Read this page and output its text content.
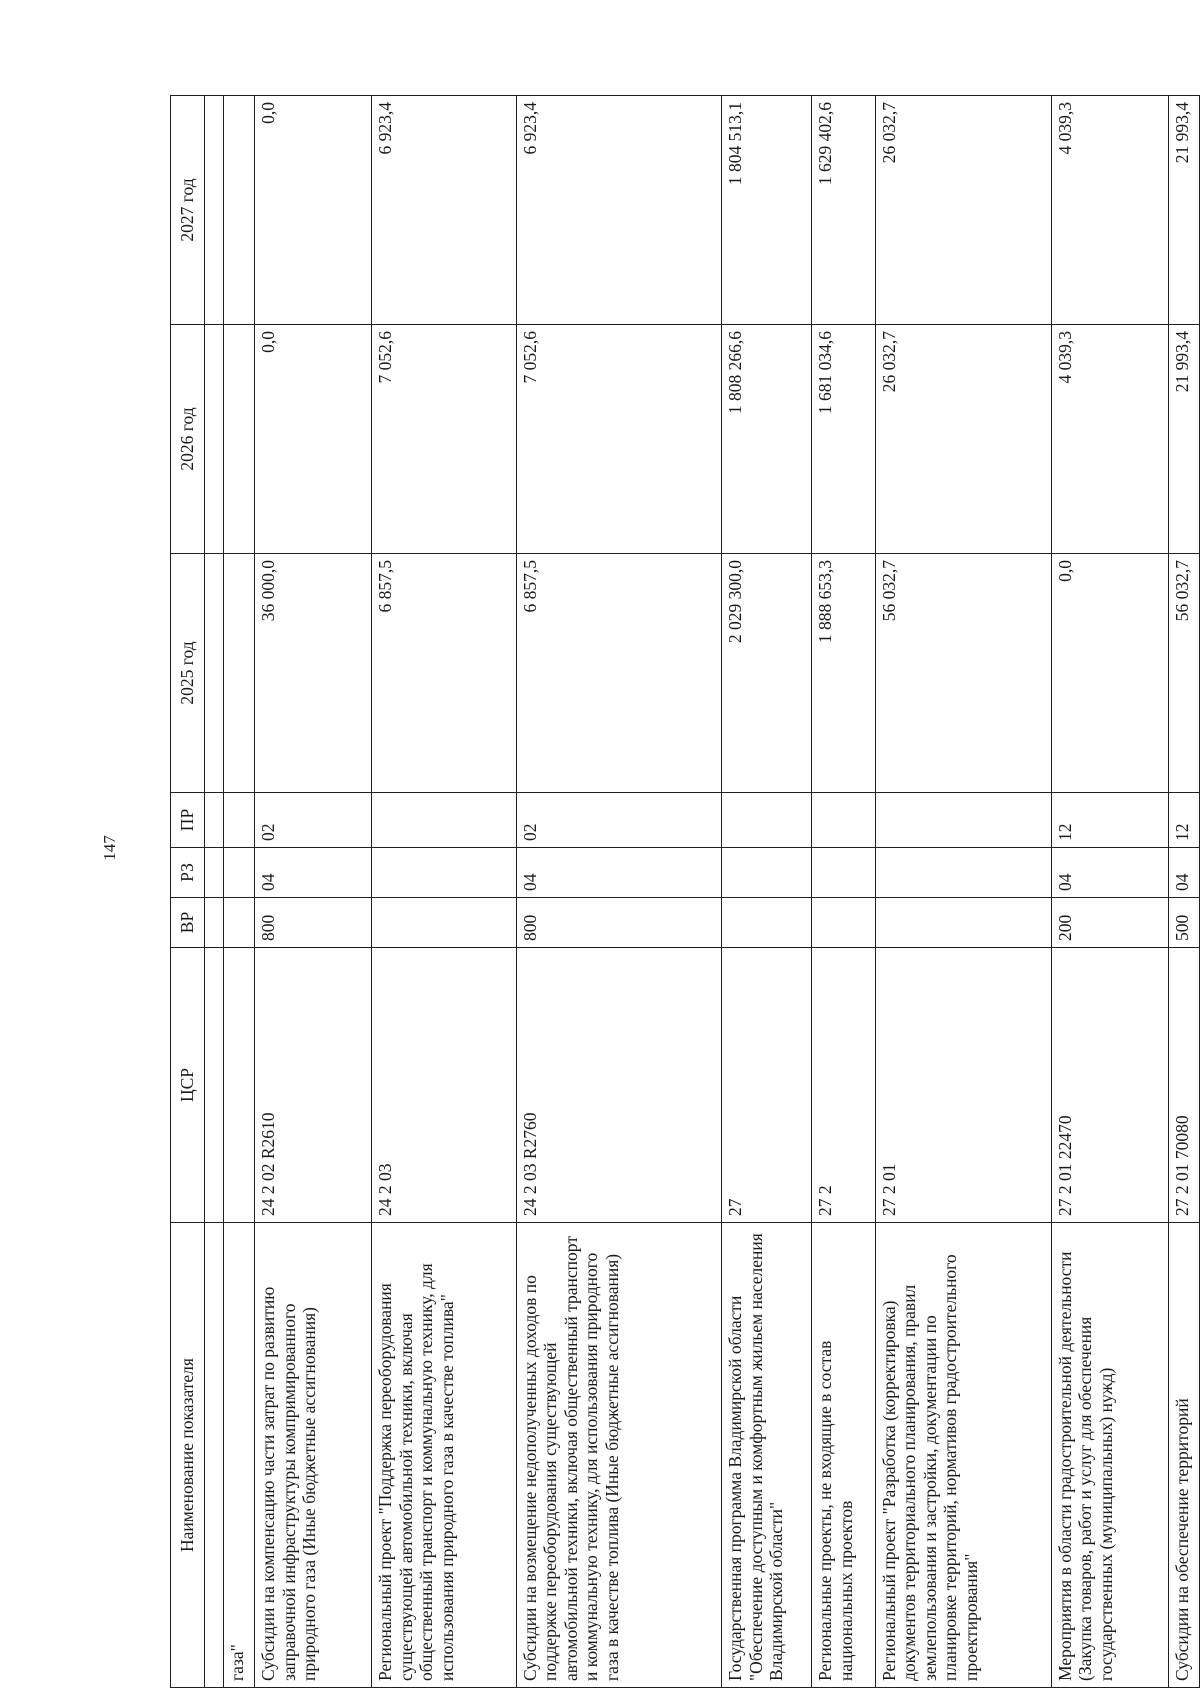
147
Наименование показателя	ЦСР	ВР	РЗ	ПР	2025 год	2026 год	2027 год

газа"							
Субсидии на компенсацию части затрат по развитию заправочной инфраструктуры компримированного природного газа (Иные бюджетные ассигнования)	24 2 02 R2610	800	04	02	36 000,0	0,0	0,0
Региональный проект "Поддержка переоборудования существующей автомобильной техники, включая общественный транспорт и коммунальную технику, для использования природного газа в качестве топлива"	24 2 03				6 857,5	7 052,6	6 923,4
Субсидии на возмещение недополученных доходов по поддержке переоборудования существующей автомобильной техники, включая общественный транспорт и коммунальную технику, для использования природного газа в качестве топлива (Иные бюджетные ассигнования)	24 2 03 R2760	800	04	02	6 857,5	7 052,6	6 923,4
Государственная программа Владимирской области "Обеспечение доступным и комфортным жильем населения Владимирской области"	27				2 029 300,0	1 808 266,6	1 804 513,1
Региональные проекты, не входящие в состав национальных проектов	27 2				1 888 653,3	1 681 034,6	1 629 402,6
Региональный проект "Разработка (корректировка) документов территориального планирования, правил землепользования и застройки, документации по планировке территорий, нормативов градостроительного проектирования"	27 2 01				56 032,7	26 032,7	26 032,7
Мероприятия в области градостроительной деятельности (Закупка товаров, работ и услуг для обеспечения государственных (муниципальных) нужд)	27 2 01 22470	200	04	12	0,0	4 039,3	4 039,3
Субсидии на обеспечение территорий	27 2 01 70080	500	04	12	56 032,7	21 993,4	21 993,4
